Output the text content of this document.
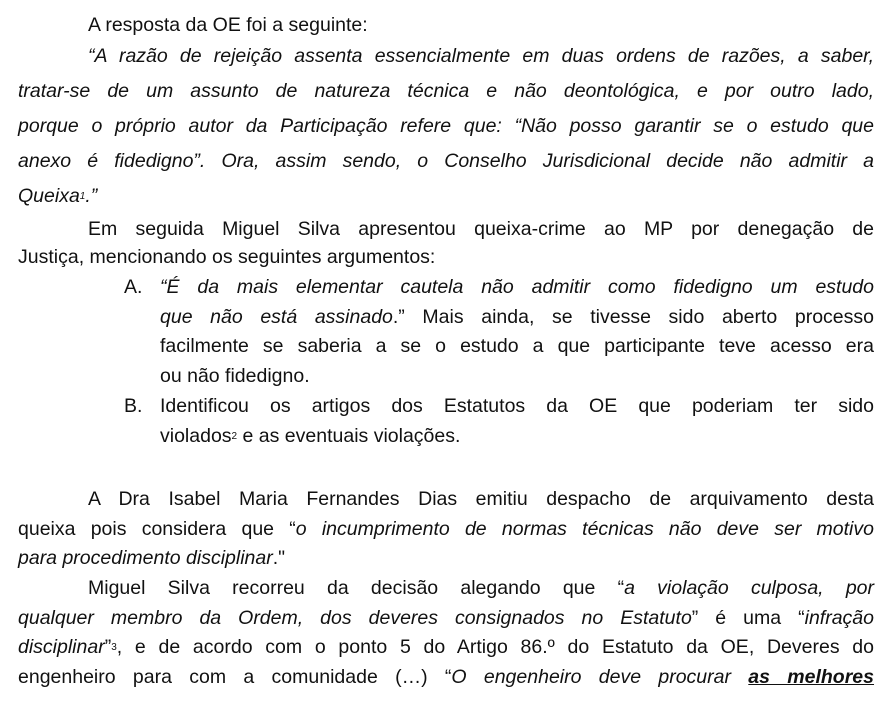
A resposta da OE foi a seguinte:
“A razão de rejeição assenta essencialmente em duas ordens de razões, a saber,
tratar-se de um assunto de natureza técnica e não deontológica, e por outro lado,
porque o próprio autor da Participação refere que: “Não posso garantir se o estudo que
anexo é fidedigno”. Ora, assim sendo, o Conselho Jurisdicional decide não admitir a
Queixa$^1$.”
Em seguida Miguel Silva apresentou queixa-crime ao MP por denegação de
Justiça, mencionando os seguintes argumentos:
A. “É da mais elementar cautela não admitir como fidedigno um estudo
que não está assinado.” Mais ainda, se tivesse sido aberto processo
facilmente se saberia a se o estudo a que participante teve acesso era
ou não fidedigno.
B. Identificou os artigos dos Estatutos da OE que poderiam ter sido
violados$^2$ e as eventuais violações.
A Dra Isabel Maria Fernandes Dias emitiu despacho de arquivamento desta
queixa pois considera que “o incumprimento de normas técnicas não deve ser motivo
para procedimento disciplinar."
Miguel Silva recorreu da decisão alegando que “a violação culposa, por
qualquer membro da Ordem, dos deveres consignados no Estatuto” é uma “infração
disciplinar”$^3$, e de acordo com o ponto 5 do Artigo 86.º do Estatuto da OE, Deveres do
engenheiro para com a comunidade (…) “O engenheiro deve procurar as melhores
